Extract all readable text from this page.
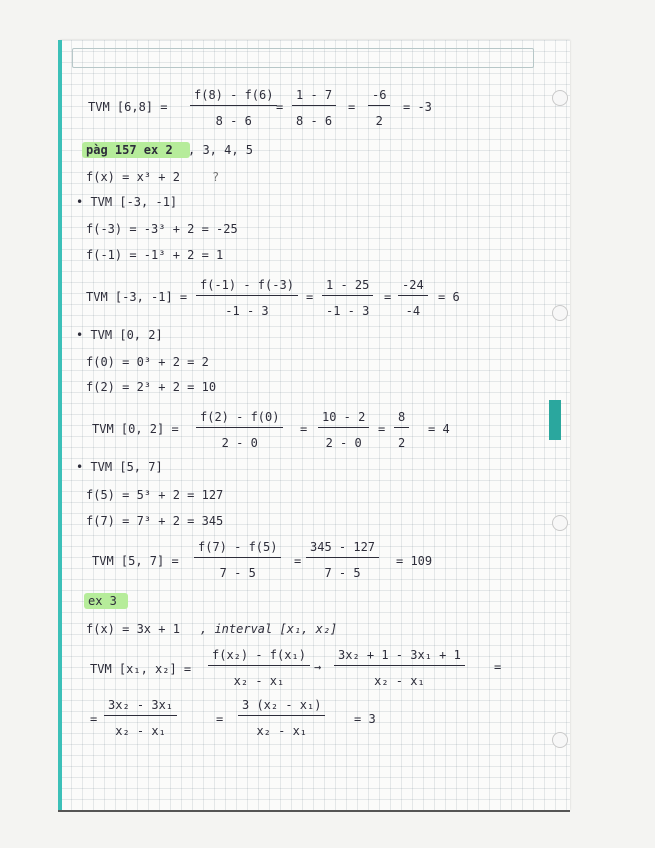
TVM $[6,8] = \frac{f(8) - f(6)}{8 - 6}$
= $\frac{1 - 7}{8 - 6} = \frac{-6}{2} = -3$
pàg 157 ex 2 , 3, 4, 5
?
f(x) = x³ + 2
• TVM [-3, -1]
f(-3) = -3³ + 2 = -25
f(-1) = -1³ + 2 = 1
TVM [-3, $-1] = \frac{f(-1) - f(-3)}{-1 - 3} = \frac{1 - 25}{-1 - 3} = \frac{-24}{-4} = 6$
• TVM [0, 2]
f(0) = 0³ + 2 = 2
f(2) = 2³ + 2 = 10
TVM [0, $2] = \frac{f(2) - f(0)}{2 - 0} = \frac{10 - 2}{2 - 0} = \frac{8}{2} = 4$
• TVM [5, 7]
f(5) = 5³ + 2 = 127
f(7) = 7³ + 2 = 345
TVM [5, $7] = \frac{f(7) - f(5)}{7 - 5} = \frac{345 - 127}{7 - 5} = 109$
ex 3
f(x) = 3x + 1 , interval [x₁, x₂]
TVM [x₁, $x_2] = \frac{\text{f(x₂) - f(x₁)}}{\text{x₂ - x₁}} \to \frac{\text{3x₂ + 1 - 3x₁ + 1}}{\text{x₂ - x₁}}$ =
= $\frac{\text{3x₂ - 3x₁}}{\text{x₂ - x₁}}$	= $\frac{\text{3 (x₂ - x₁)}}{\text{x₂ - x₁}} = 3$
